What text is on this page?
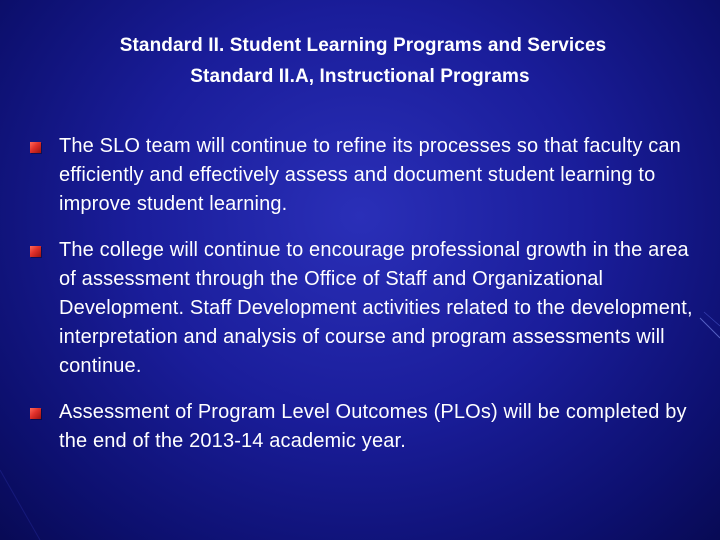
Standard II. Student Learning Programs and Services
Standard II.A, Instructional Programs
The SLO team will continue to refine its processes so that faculty can efficiently and effectively assess and document student learning to improve student learning.
The college will continue to encourage professional growth in the area of assessment through the Office of Staff and Organizational Development. Staff Development activities related to the development, interpretation and analysis of course and program assessments will continue.
Assessment of Program Level Outcomes (PLOs) will be completed by the end of the 2013-14 academic year.
